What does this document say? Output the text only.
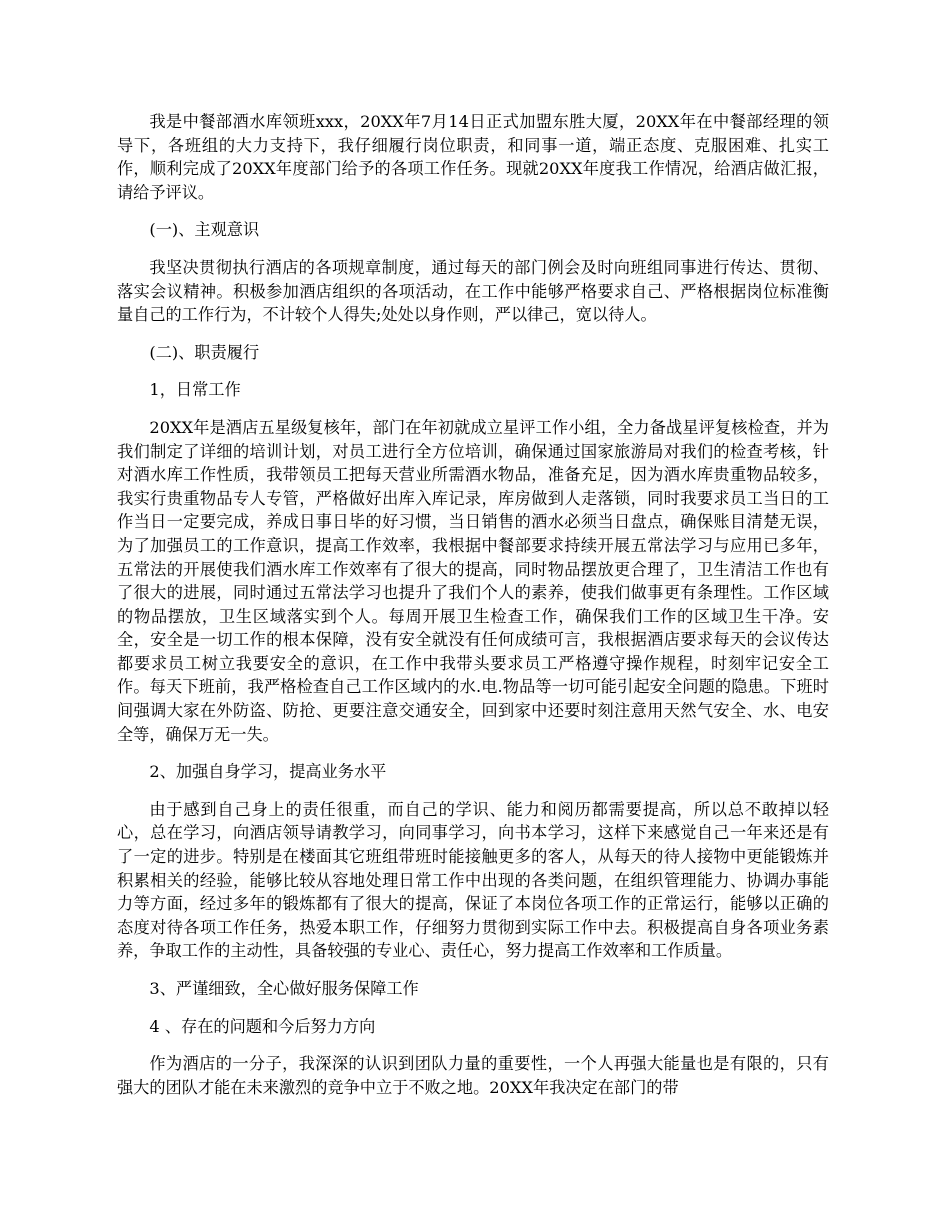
我是中餐部酒水库领班xxx，20XX年7月14日正式加盟东胜大厦，20XX年在中餐部经理的领导下，各班组的大力支持下，我仔细履行岗位职责，和同事一道，端正态度、克服困难、扎实工作，顺利完成了20XX年度部门给予的各项工作任务。现就20XX年度我工作情况，给酒店做汇报，请给予评议。

(一)、主观意识

我坚决贯彻执行酒店的各项规章制度，通过每天的部门例会及时向班组同事进行传达、贯彻、落实会议精神。积极参加酒店组织的各项活动，在工作中能够严格要求自己、严格根据岗位标准衡量自己的工作行为，不计较个人得失;处处以身作则，严以律己，宽以待人。

(二)、职责履行

1，日常工作

20XX年是酒店五星级复核年，部门在年初就成立星评工作小组，全力备战星评复核检查，并为我们制定了详细的培训计划，对员工进行全方位培训，确保通过国家旅游局对我们的检查考核，针对酒水库工作性质，我带领员工把每天营业所需酒水物品，准备充足，因为酒水库贵重物品较多，我实行贵重物品专人专管，严格做好出库入库记录，库房做到人走落锁，同时我要求员工当日的工作当日一定要完成，养成日事日毕的好习惯，当日销售的酒水必须当日盘点，确保账目清楚无误，为了加强员工的工作意识，提高工作效率，我根据中餐部要求持续开展五常法学习与应用已多年，五常法的开展使我们酒水库工作效率有了很大的提高，同时物品摆放更合理了，卫生清洁工作也有了很大的进展，同时通过五常法学习也提升了我们个人的素养，使我们做事更有条理性。工作区域的物品摆放，卫生区域落实到个人。每周开展卫生检查工作，确保我们工作的区域卫生干净。安全，安全是一切工作的根本保障，没有安全就没有任何成绩可言，我根据酒店要求每天的会议传达都要求员工树立我要安全的意识，在工作中我带头要求员工严格遵守操作规程，时刻牢记安全工作。每天下班前，我严格检查自己工作区域内的水.电.物品等一切可能引起安全问题的隐患。下班时间强调大家在外防盗、防抢、更要注意交通安全，回到家中还要时刻注意用天然气安全、水、电安全等，确保万无一失。

2、加强自身学习，提高业务水平

由于感到自己身上的责任很重，而自己的学识、能力和阅历都需要提高，所以总不敢掉以轻心，总在学习，向酒店领导请教学习，向同事学习，向书本学习，这样下来感觉自己一年来还是有了一定的进步。特别是在楼面其它班组带班时能接触更多的客人，从每天的待人接物中更能锻炼并积累相关的经验，能够比较从容地处理日常工作中出现的各类问题，在组织管理能力、协调办事能力等方面，经过多年的锻炼都有了很大的提高，保证了本岗位各项工作的正常运行，能够以正确的态度对待各项工作任务，热爱本职工作，仔细努力贯彻到实际工作中去。积极提高自身各项业务素养，争取工作的主动性，具备较强的专业心、责任心，努力提高工作效率和工作质量。

3、严谨细致，全心做好服务保障工作

4 、存在的问题和今后努力方向

作为酒店的一分子，我深深的认识到团队力量的重要性，一个人再强大能量也是有限的，只有强大的团队才能在未来激烈的竞争中立于不败之地。20XX年我决定在部门的带
